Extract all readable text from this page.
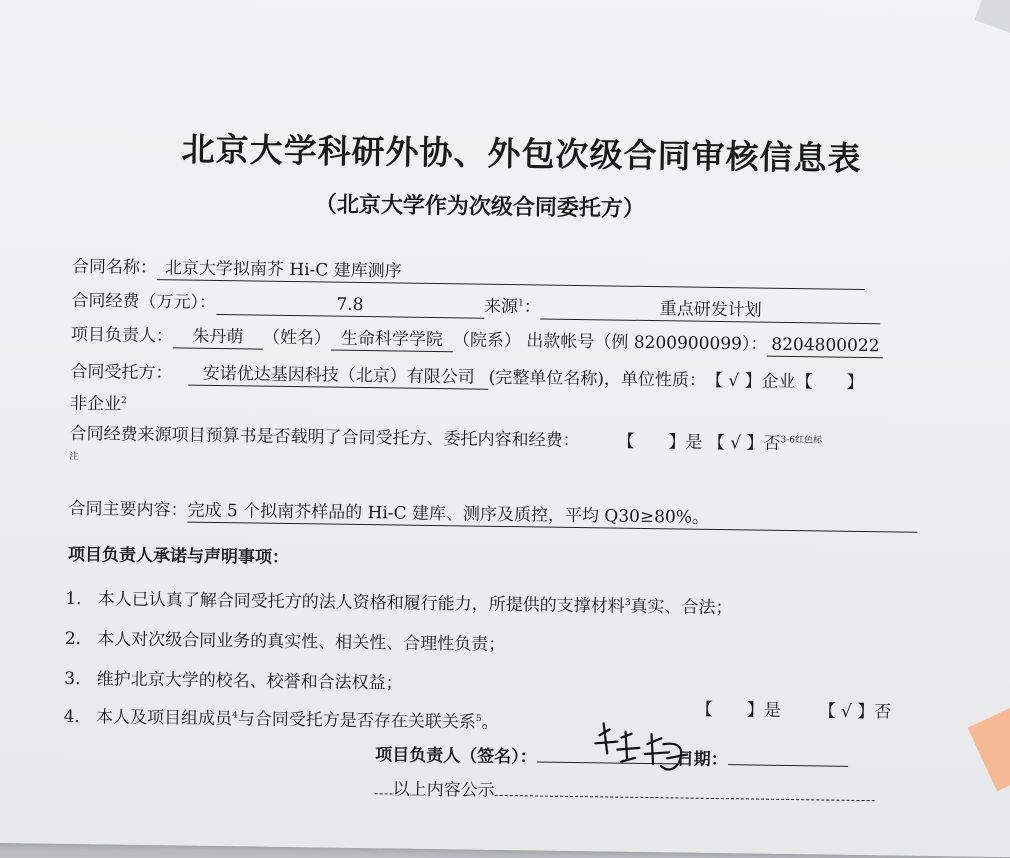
北京大学科研外协、外包次级合同审核信息表
（北京大学作为次级合同委托方）
合同名称： 北京大学拟南芥 Hi-C 建库测序
合同经费（万元）：	7.8	来源$^1$：	重点研发计划
项目负责人： 朱丹萌 （姓名） 生命科学学院 （院系） 出款帐号（例 8200900099）： 8204800022
合同受托方： 安诺优达基因科技（北京）有限公司 (完整单位名称)，单位性质：【 √ 】企业【　　】
非企业$^2$
合同经费来源项目预算书是否载明了合同受托方、委托内容和经费： 【　　】是 【 √ 】否$^{3-6红色标}$
注
合同主要内容：完成 5 个拟南芥样品的 Hi-C 建库、测序及质控，平均 Q30≥80%。
项目负责人承诺与声明事项：
1. 本人已认真了解合同受托方的法人资格和履行能力，所提供的支撑材料$^3$真实、合法；
2. 本人对次级合同业务的真实性、相关性、合理性负责；
3. 维护北京大学的校名、校誉和合法权益；
4. 本人及项目组成员$^4$与合同受托方是否存在关联关系$^5$。
【　　】是 【 √ 】否
项目负责人（签名）：	日期：
以上内容公示
